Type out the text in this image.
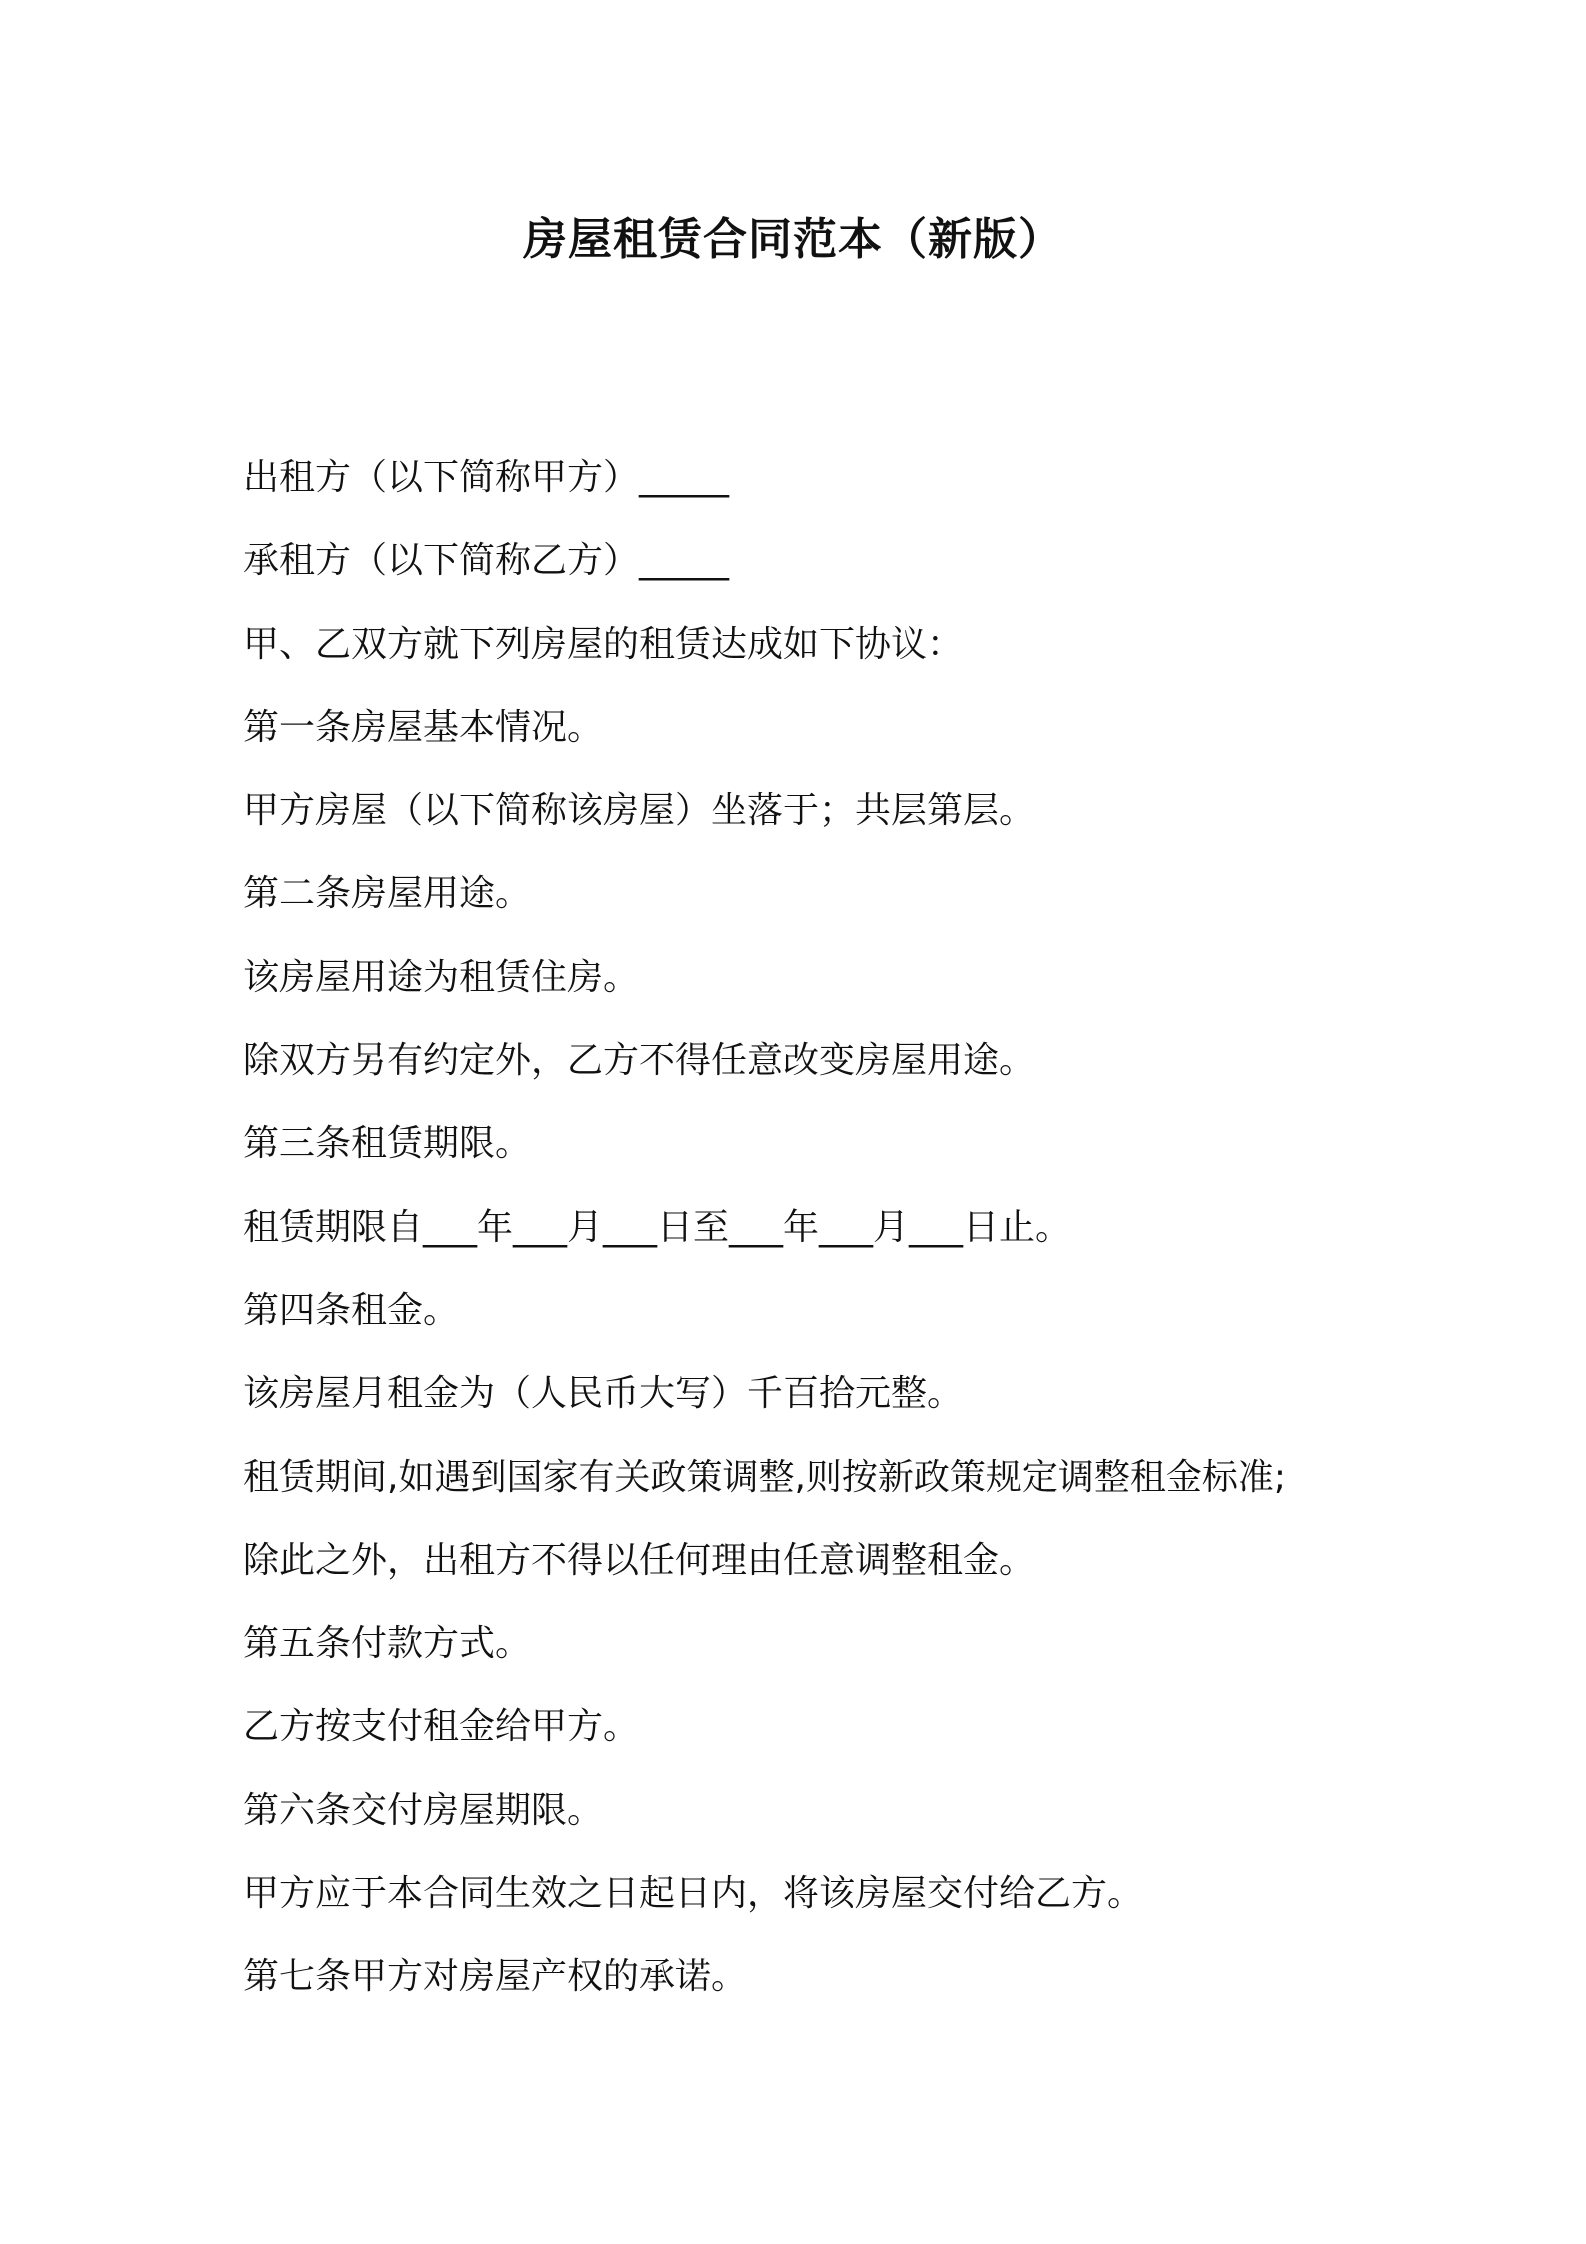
房屋租赁合同范本（新版）
出租方（以下简称甲方）_____
承租方（以下简称乙方）_____
甲、乙双方就下列房屋的租赁达成如下协议：
第一条房屋基本情况。
甲方房屋（以下简称该房屋）坐落于；共层第层。
第二条房屋用途。
该房屋用途为租赁住房。
除双方另有约定外，乙方不得任意改变房屋用途。
第三条租赁期限。
租赁期限自___年___月___日至___年___月___日止。
第四条租金。
该房屋月租金为（人民币大写）千百拾元整。
租赁期间,如遇到国家有关政策调整,则按新政策规定调整租金标准;
除此之外，出租方不得以任何理由任意调整租金。
第五条付款方式。
乙方按支付租金给甲方。
第六条交付房屋期限。
甲方应于本合同生效之日起日内，将该房屋交付给乙方。
第七条甲方对房屋产权的承诺。
